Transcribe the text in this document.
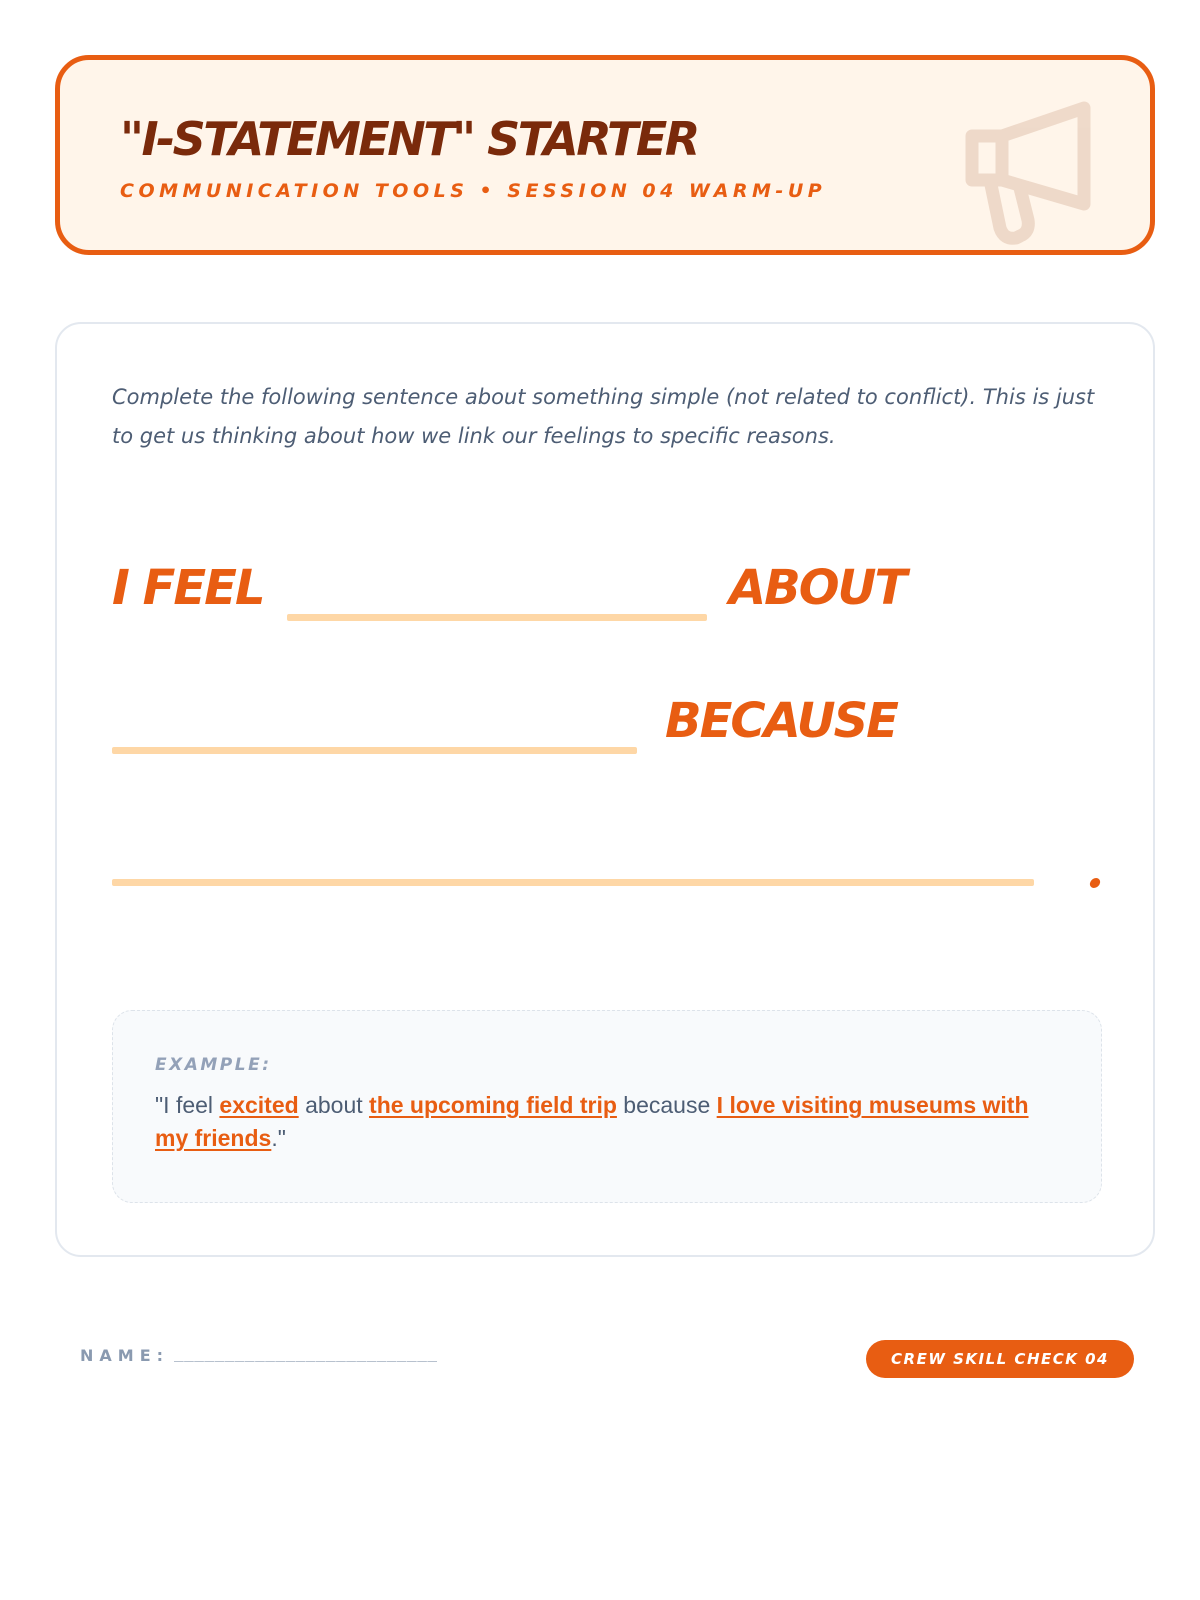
"I-STATEMENT" STARTER
COMMUNICATION TOOLS • SESSION 04 WARM-UP

Complete the following sentence about something simple (not related to conflict). This is just to get us thinking about how we link our feelings to specific reasons.

I FEEL	ABOUT
BECAUSE
EXAMPLE:

"I feel excited about the upcoming field trip because I love visiting museums with my friends."

NAME: __________________________	CREW SKILL CHECK 04
